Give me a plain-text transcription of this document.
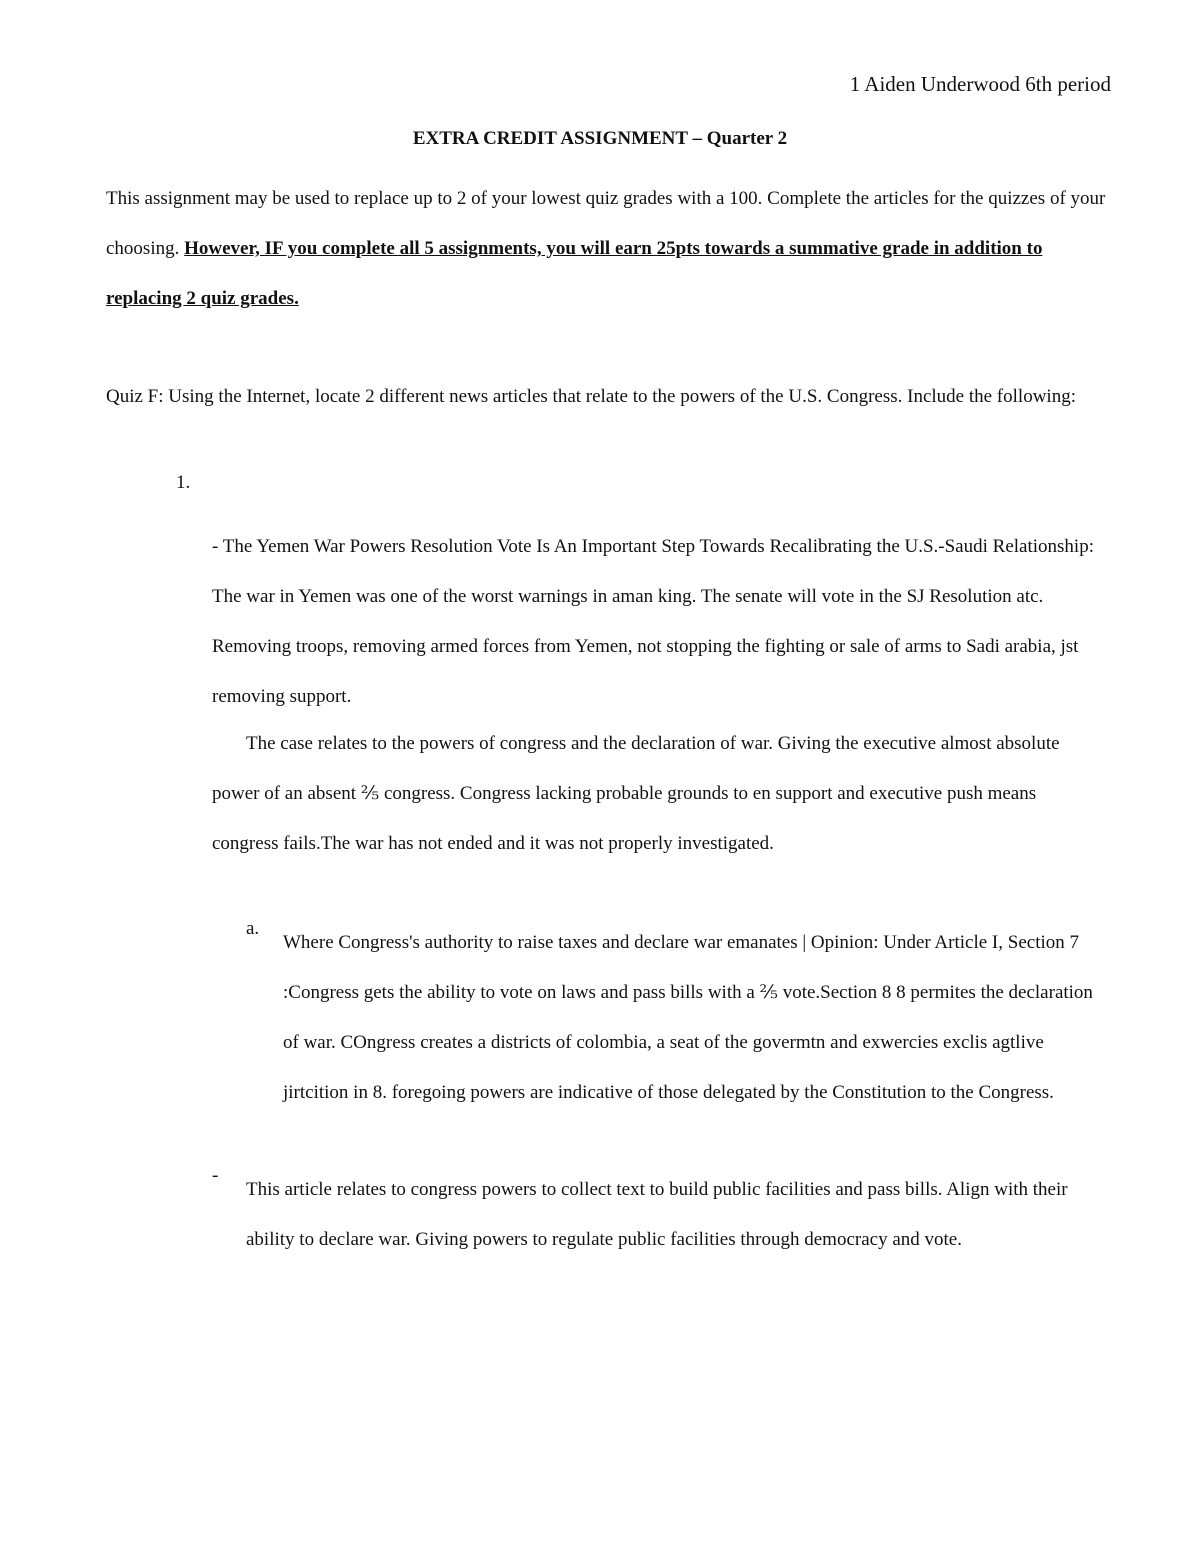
1 Aiden Underwood 6th period
EXTRA CREDIT ASSIGNMENT – Quarter 2
This assignment may be used to replace up to 2 of your lowest quiz grades with a 100. Complete the articles for the quizzes of your choosing. However, IF you complete all 5 assignments, you will earn 25pts towards a summative grade in addition to replacing 2 quiz grades.
Quiz F: Using the Internet, locate 2 different news articles that relate to the powers of the U.S. Congress. Include the following:
1.
- The Yemen War Powers Resolution Vote Is An Important Step Towards Recalibrating the U.S.-Saudi Relationship: The war in Yemen was one of the worst warnings in aman king. The senate will vote in the SJ Resolution atc. Removing troops, removing armed forces from Yemen, not stopping the fighting or sale of arms to Sadi arabia, jst removing support.
The case relates to the powers of congress and the declaration of war. Giving the executive almost absolute power of an absent ⅖ congress. Congress lacking probable grounds to en support and executive push means congress fails.The war has not ended and it was not properly investigated.
a.
Where Congress's authority to raise taxes and declare war emanates | Opinion: Under Article I, Section 7 :Congress gets the ability to vote on laws and pass bills with a ⅖ vote.Section 8 8 permites the declaration of war. COngress creates a districts of colombia, a seat of the govermtn and exwercies exclis agtlive jirtcition in 8. foregoing powers are indicative of those delegated by the Constitution to the Congress.
-
This article relates to congress powers to collect text to build public facilities and pass bills. Align with their ability to declare war. Giving powers to regulate public facilities through democracy and vote.
